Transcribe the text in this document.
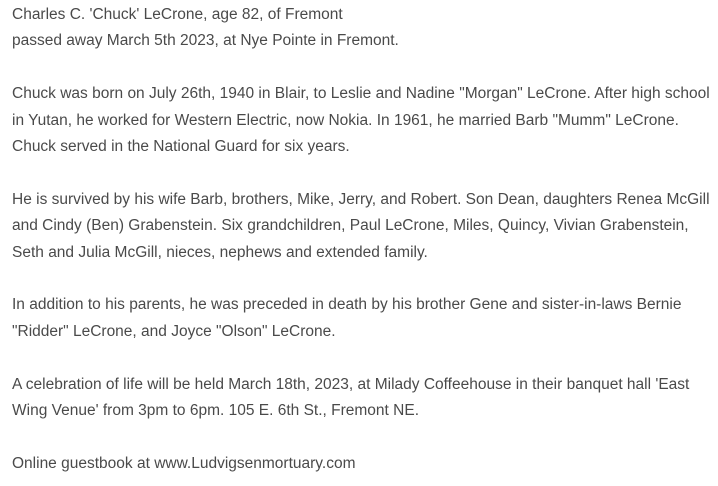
Charles C. 'Chuck' LeCrone, age 82, of Fremont
passed away March 5th 2023, at Nye Pointe in Fremont.

Chuck was born on July 26th, 1940 in Blair, to Leslie and Nadine "Morgan" LeCrone. After high school in Yutan, he worked for Western Electric, now Nokia. In 1961, he married Barb "Mumm" LeCrone. Chuck served in the National Guard for six years.

He is survived by his wife Barb, brothers, Mike, Jerry, and Robert. Son Dean, daughters Renea McGill and Cindy (Ben) Grabenstein. Six grandchildren, Paul LeCrone, Miles, Quincy, Vivian Grabenstein, Seth and Julia McGill, nieces, nephews and extended family.

In addition to his parents, he was preceded in death by his brother Gene and sister-in-laws Bernie "Ridder" LeCrone, and Joyce "Olson" LeCrone.

A celebration of life will be held March 18th, 2023, at Milady Coffeehouse in their banquet hall 'East Wing Venue' from 3pm to 6pm. 105 E. 6th St., Fremont NE.

Online guestbook at www.Ludvigsenmortuary.com
